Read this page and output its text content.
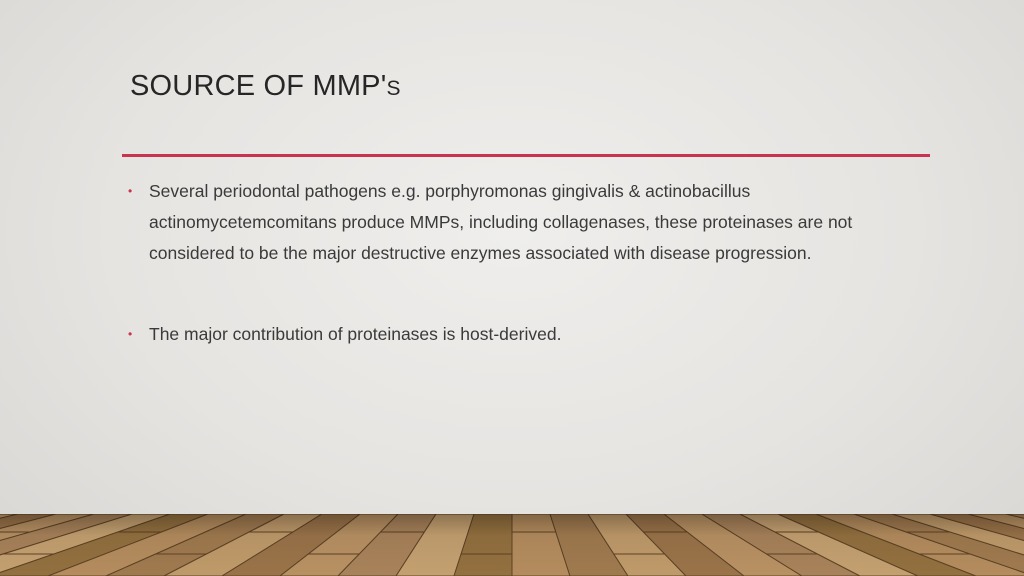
SOURCE OF MMP'S
• Several periodontal pathogens e.g. porphyromonas gingivalis & actinobacillus actinomycetemcomitans produce MMPs, including collagenases, these proteinases are not considered to be the major destructive enzymes associated with disease progression.
• The major contribution of proteinases is host-derived.
